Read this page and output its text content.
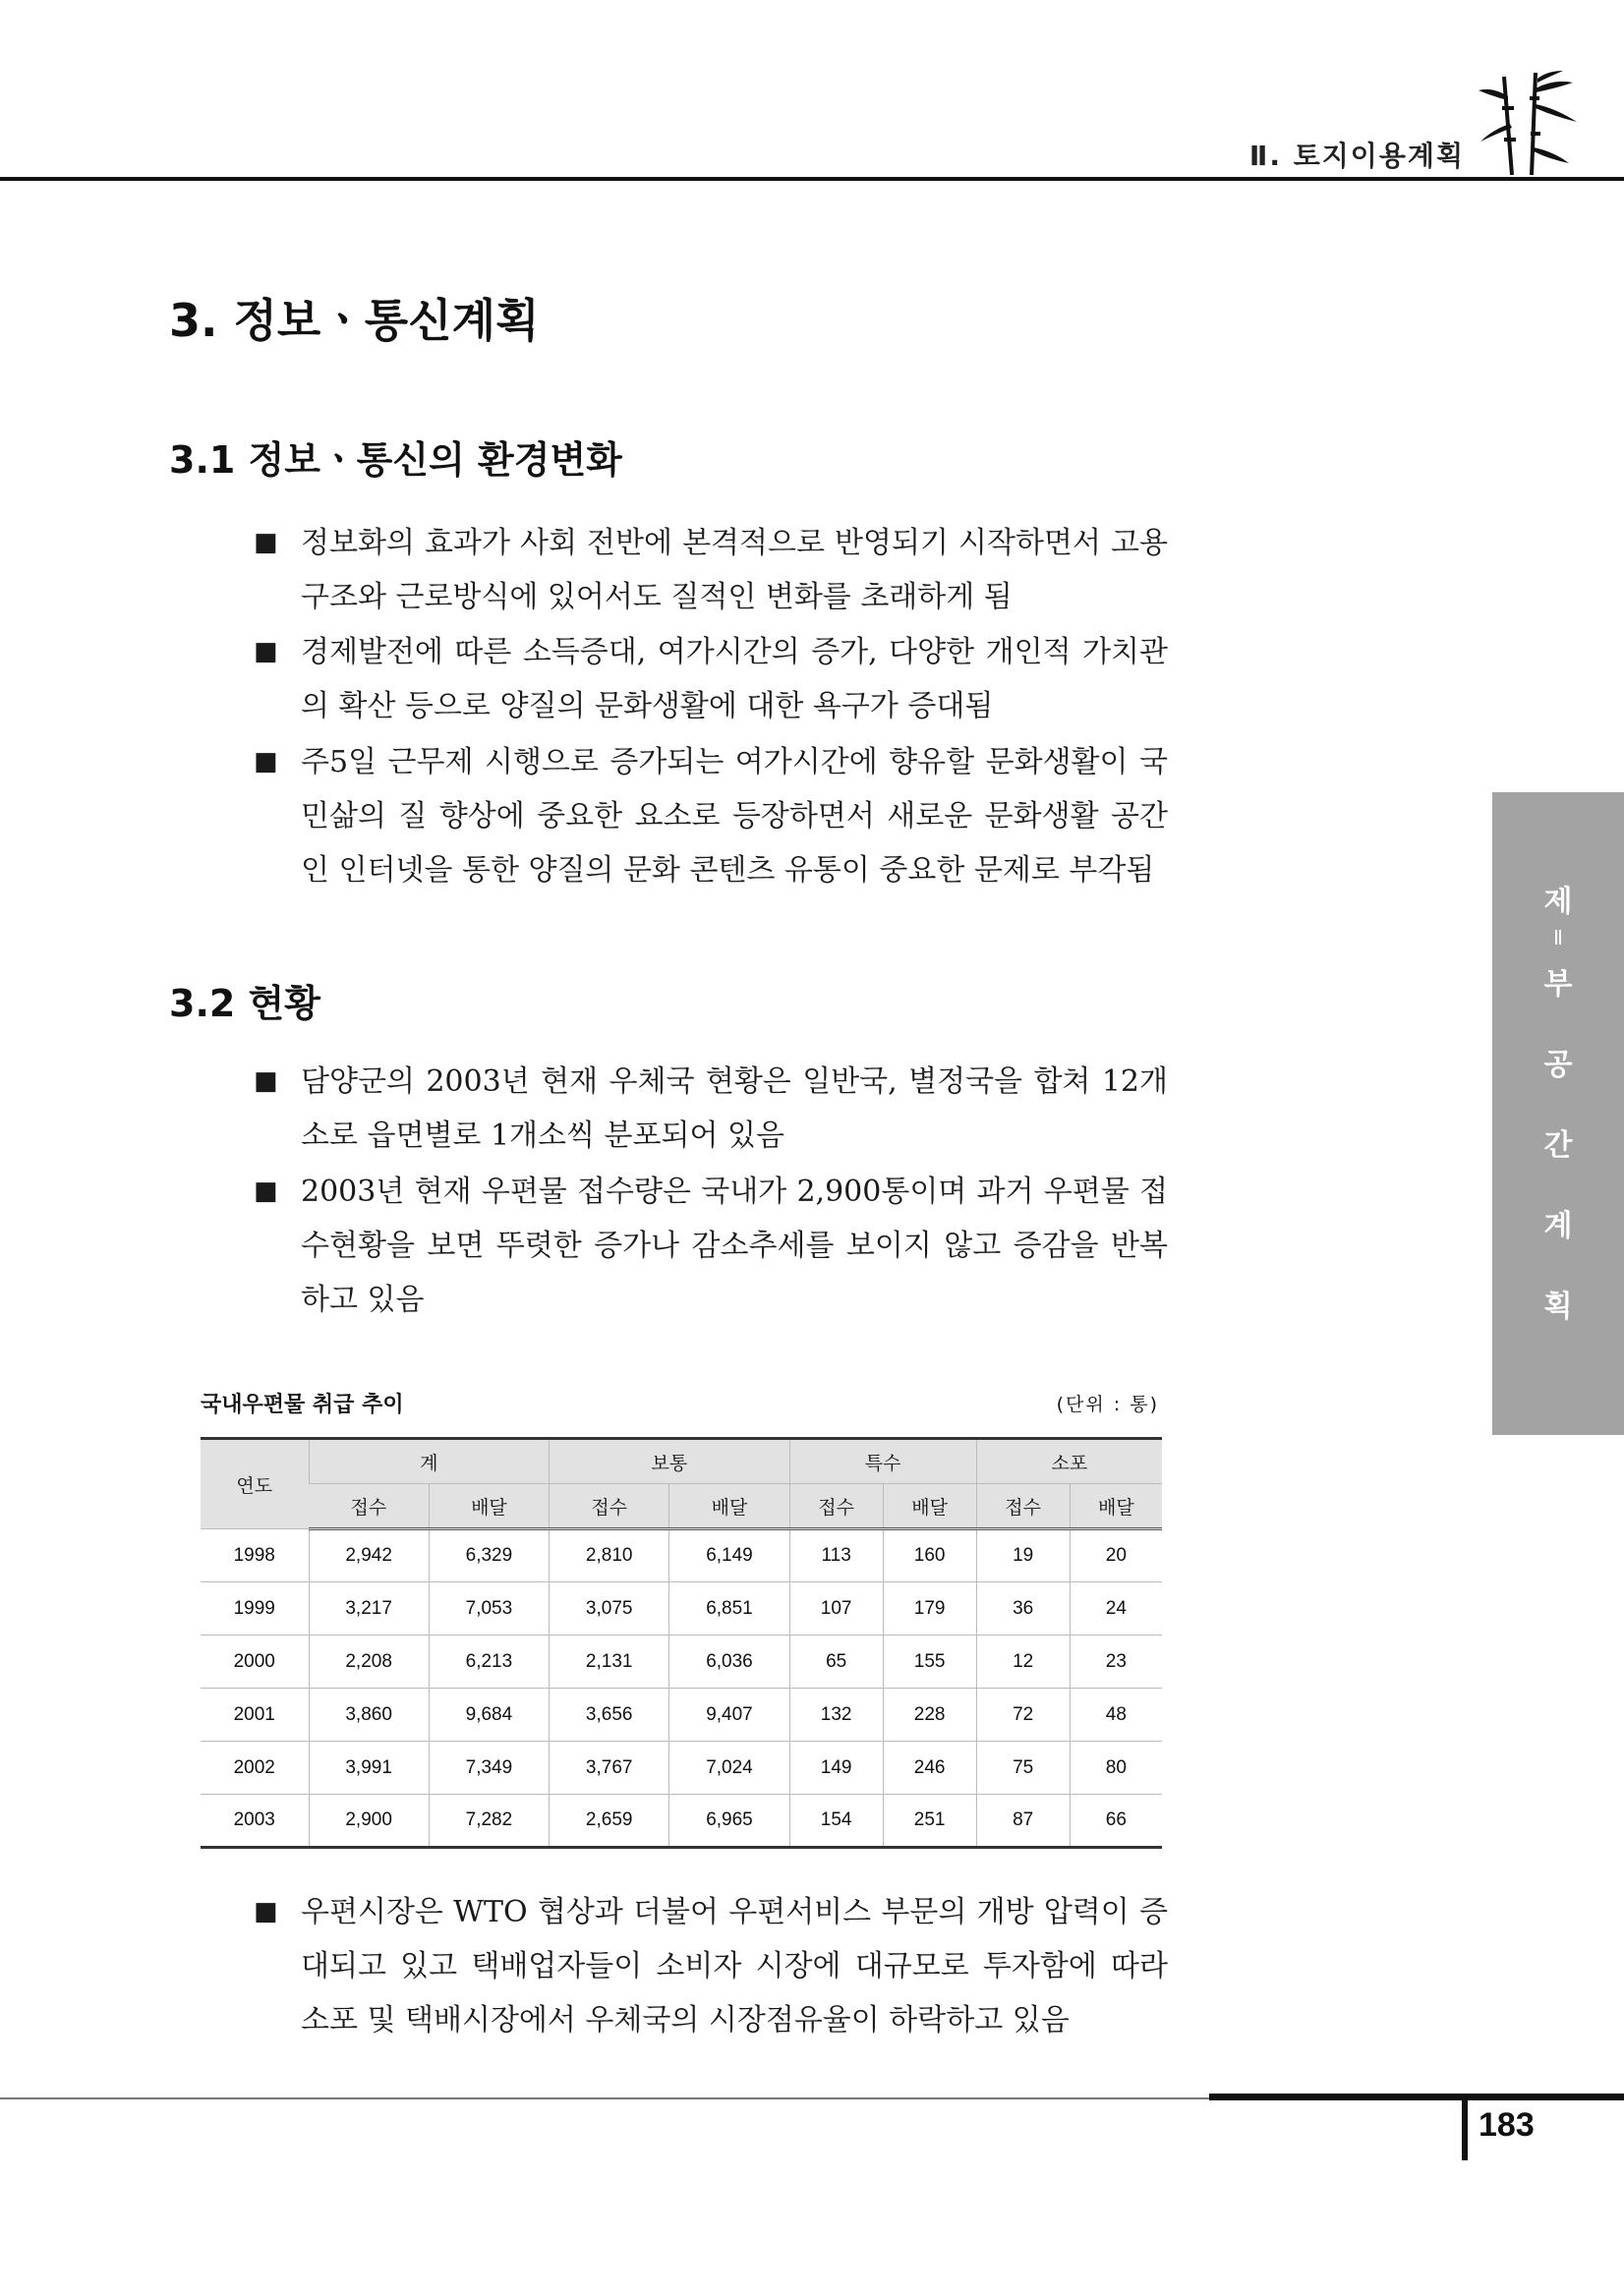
Ⅱ. 토지이용계획
3. 정보ㆍ통신계획
3.1 정보ㆍ통신의 환경변화
■ 정보화의 효과가 사회 전반에 본격적으로 반영되기 시작하면서 고용구조와 근로방식에 있어서도 질적인 변화를 초래하게 됨
■ 경제발전에 따른 소득증대, 여가시간의 증가, 다양한 개인적 가치관의 확산 등으로 양질의 문화생활에 대한 욕구가 증대됨
■ 주5일 근무제 시행으로 증가되는 여가시간에 향유할 문화생활이 국민삶의 질 향상에 중요한 요소로 등장하면서 새로운 문화생활 공간인 인터넷을 통한 양질의 문화 콘텐츠 유통이 중요한 문제로 부각됨
3.2 현황
■ 담양군의 2003년 현재 우체국 현황은 일반국, 별정국을 합쳐 12개소로 읍면별로 1개소씩 분포되어 있음
■ 2003년 현재 우편물 접수량은 국내가 2,900통이며 과거 우편물 접수현황을 보면 뚜렷한 증가나 감소추세를 보이지 않고 증감을 반복하고 있음
국내우편물 취급 추이	(단위 : 통)
연도	계		보통		특수		소포	
	접수	배달	접수	배달	접수	배달	접수	배달
1998	2,942	6,329	2,810	6,149	113	160	19	20
1999	3,217	7,053	3,075	6,851	107	179	36	24
2000	2,208	6,213	2,131	6,036	65	155	12	23
2001	3,860	9,684	3,656	9,407	132	228	72	48
2002	3,991	7,349	3,767	7,024	149	246	75	80
2003	2,900	7,282	2,659	6,965	154	251	87	66
■ 우편시장은 WTO 협상과 더불어 우편서비스 부문의 개방 압력이 증대되고 있고 택배업자들이 소비자 시장에 대규모로 투자함에 따라 소포 및 택배시장에서 우체국의 시장점유율이 하락하고 있음
제
Ⅱ
부
공
간
계
획
183
